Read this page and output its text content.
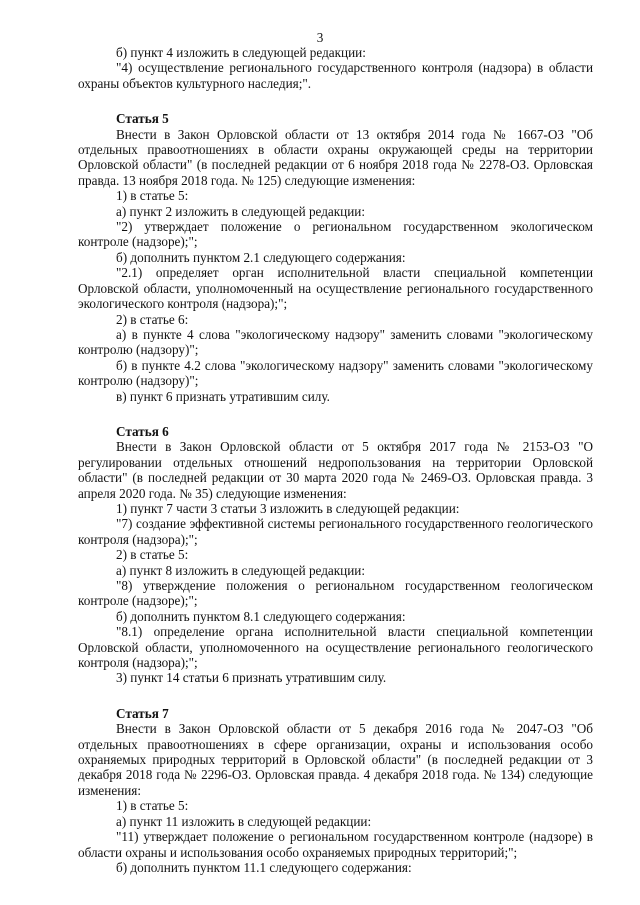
3

б) пункт 4 изложить в следующей редакции:

"4) осуществление регионального государственного контроля (надзора) в области охраны объектов культурного наследия;".

Статья 5

Внести в Закон Орловской области от 13 октября 2014 года № 1667-ОЗ "Об отдельных правоотношениях в области охраны окружающей среды на территории Орловской области" (в последней редакции от 6 ноября 2018 года № 2278-ОЗ. Орловская правда. 13 ноября 2018 года. № 125) следующие изменения:

1) в статье 5:

а) пункт 2 изложить в следующей редакции:

"2) утверждает положение о региональном государственном экологическом контроле (надзоре);";

б) дополнить пунктом 2.1 следующего содержания:

"2.1) определяет орган исполнительной власти специальной компетенции Орловской области, уполномоченный на осуществление регионального государственного экологического контроля (надзора);";

2) в статье 6:

а) в пункте 4 слова "экологическому надзору" заменить словами "экологическому контролю (надзору)";

б) в пункте 4.2 слова "экологическому надзору" заменить словами "экологическому контролю (надзору)";

в) пункт 6 признать утратившим силу.

Статья 6

Внести в Закон Орловской области от 5 октября 2017 года № 2153-ОЗ "О регулировании отдельных отношений недропользования на территории Орловской области" (в последней редакции от 30 марта 2020 года № 2469-ОЗ. Орловская правда. 3 апреля 2020 года. № 35) следующие изменения:

1) пункт 7 части 3 статьи 3 изложить в следующей редакции:

"7) создание эффективной системы регионального государственного геологического контроля (надзора);";

2) в статье 5:

а) пункт 8 изложить в следующей редакции:

"8) утверждение положения о региональном государственном геологическом контроле (надзоре);";

б) дополнить пунктом 8.1 следующего содержания:

"8.1) определение органа исполнительной власти специальной компетенции Орловской области, уполномоченного на осуществление регионального геологического контроля (надзора);";

3) пункт 14 статьи 6 признать утратившим силу.

Статья 7

Внести в Закон Орловской области от 5 декабря 2016 года № 2047-ОЗ "Об отдельных правоотношениях в сфере организации, охраны и использования особо охраняемых природных территорий в Орловской области" (в последней редакции от 3 декабря 2018 года № 2296-ОЗ. Орловская правда. 4 декабря 2018 года. № 134) следующие изменения:

1) в статье 5:

а) пункт 11 изложить в следующей редакции:

"11) утверждает положение о региональном государственном контроле (надзоре) в области охраны и использования особо охраняемых природных территорий;";

б) дополнить пунктом 11.1 следующего содержания:
